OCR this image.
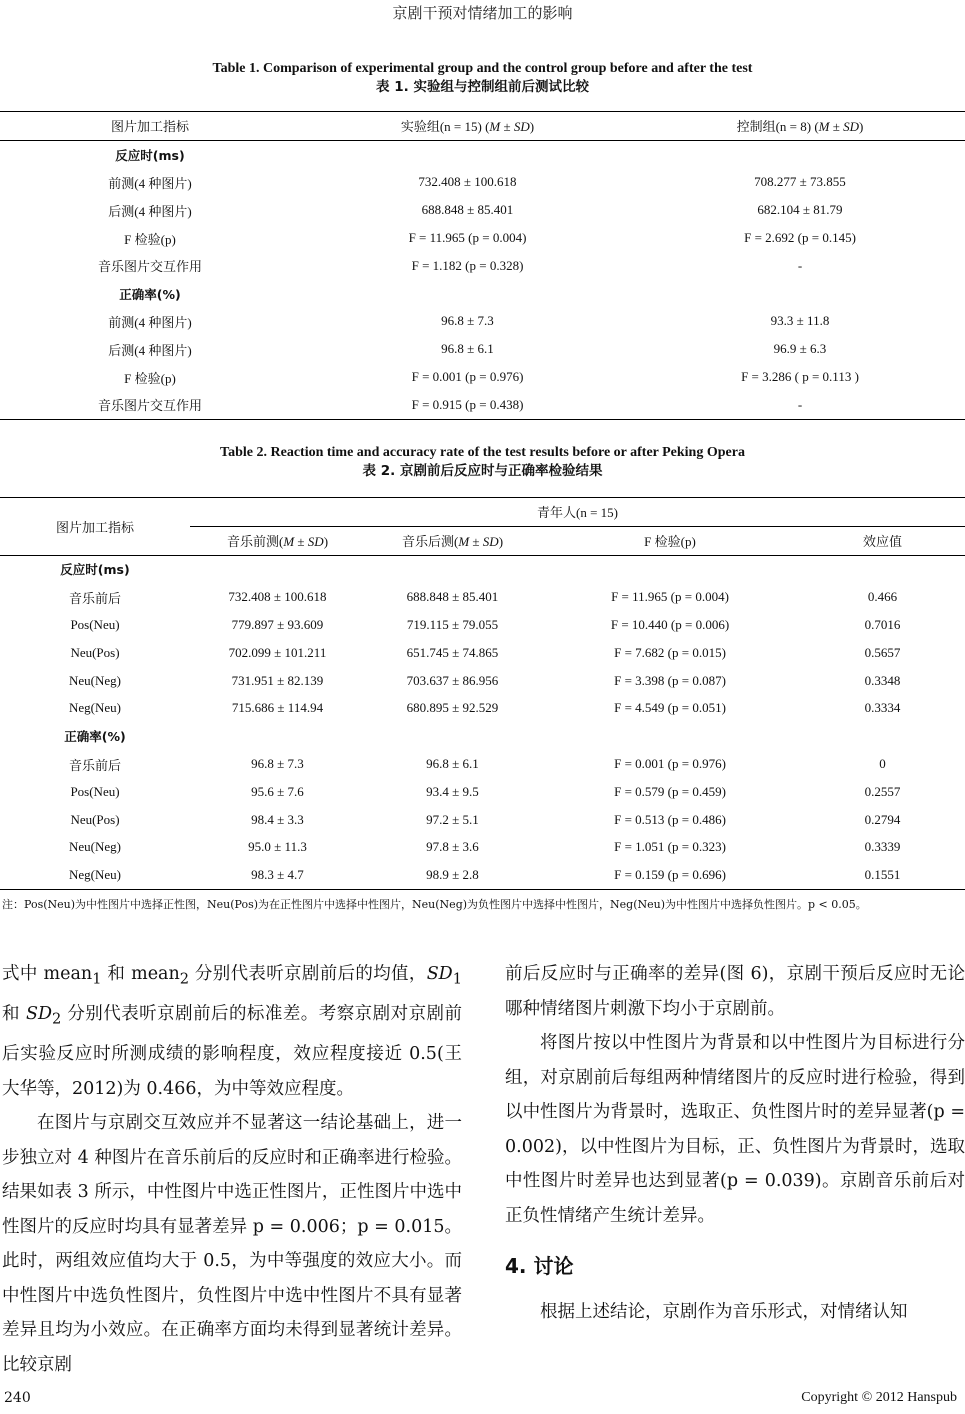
京剧干预对情绪加工的影响
Table 1. Comparison of experimental group and the control group before and after the test
表 1. 实验组与控制组前后测试比较
图片加工指标	实验组(n = 15) (M ± SD)	控制组(n = 8) (M ± SD)
反应时(ms)		
前测(4 种图片)	732.408 ± 100.618	708.277 ± 73.855
后测(4 种图片)	688.848 ± 85.401	682.104 ± 81.79
F 检验(p)	F = 11.965 (p = 0.004)	F = 2.692 (p = 0.145)
音乐图片交互作用	F = 1.182 (p = 0.328)	-
正确率(%)		
前测(4 种图片)	96.8 ± 7.3	93.3 ± 11.8
后测(4 种图片)	96.8 ± 6.1	96.9 ± 6.3
F 检验(p)	F = 0.001 (p = 0.976)	F = 3.286 ( p = 0.113 )
音乐图片交互作用	F = 0.915 (p = 0.438)	-
Table 2. Reaction time and accuracy rate of the test results before or after Peking Opera
表 2. 京剧前后反应时与正确率检验结果
图片加工指标	青年人(n = 15)			
	音乐前测(M ± SD)	音乐后测(M ± SD)	F 检验(p)	效应值
反应时(ms)				
音乐前后	732.408 ± 100.618	688.848 ± 85.401	F = 11.965 (p = 0.004)	0.466
Pos(Neu)	779.897 ± 93.609	719.115 ± 79.055	F = 10.440 (p = 0.006)	0.7016
Neu(Pos)	702.099 ± 101.211	651.745 ± 74.865	F = 7.682 (p = 0.015)	0.5657
Neu(Neg)	731.951 ± 82.139	703.637 ± 86.956	F = 3.398 (p = 0.087)	0.3348
Neg(Neu)	715.686 ± 114.94	680.895 ± 92.529	F = 4.549 (p = 0.051)	0.3334
正确率(%)				
音乐前后	96.8 ± 7.3	96.8 ± 6.1	F = 0.001 (p = 0.976)	0
Pos(Neu)	95.6 ± 7.6	93.4 ± 9.5	F = 0.579 (p = 0.459)	0.2557
Neu(Pos)	98.4 ± 3.3	97.2 ± 5.1	F = 0.513 (p = 0.486)	0.2794
Neu(Neg)	95.0 ± 11.3	97.8 ± 3.6	F = 1.051 (p = 0.323)	0.3339
Neg(Neu)	98.3 ± 4.7	98.9 ± 2.8	F = 0.159 (p = 0.696)	0.1551
注：Pos(Neu)为中性图片中选择正性图，Neu(Pos)为在正性图片中选择中性图片，Neu(Neg)为负性图片中选择中性图片，Neg(Neu)为中性图片中选择负性图片。p < 0.05。

式中 mean$_1$ 和 mean$_2$ 分别代表听京剧前后的均值，$SD_1$ 和 $SD_2$ 分别代表听京剧前后的标准差。考察京剧对京剧前后实验反应时所测成绩的影响程度，效应程度接近 0.5(王大华等，2012)为 0.466，为中等效应程度。

在图片与京剧交互效应并不显著这一结论基础上，进一步独立对 4 种图片在音乐前后的反应时和正确率进行检验。结果如表 3 所示，中性图片中选正性图片，正性图片中选中性图片的反应时均具有显著差异 p = 0.006；p = 0.015。此时，两组效应值均大于 0.5，为中等强度的效应大小。而中性图片中选负性图片，负性图片中选中性图片不具有显著差异且均为小效应。在正确率方面均未得到显著统计差异。比较京剧

前后反应时与正确率的差异(图 6)，京剧干预后反应时无论哪种情绪图片刺激下均小于京剧前。

将图片按以中性图片为背景和以中性图片为目标进行分组，对京剧前后每组两种情绪图片的反应时进行检验，得到以中性图片为背景时，选取正、负性图片时的差异显著(p = 0.002)，以中性图片为目标，正、负性图片为背景时，选取中性图片时差异也达到显著(p = 0.039)。京剧音乐前后对正负性情绪产生统计差异。

4. 讨论

根据上述结论，京剧作为音乐形式，对情绪认知

240	Copyright © 2012 Hanspub
